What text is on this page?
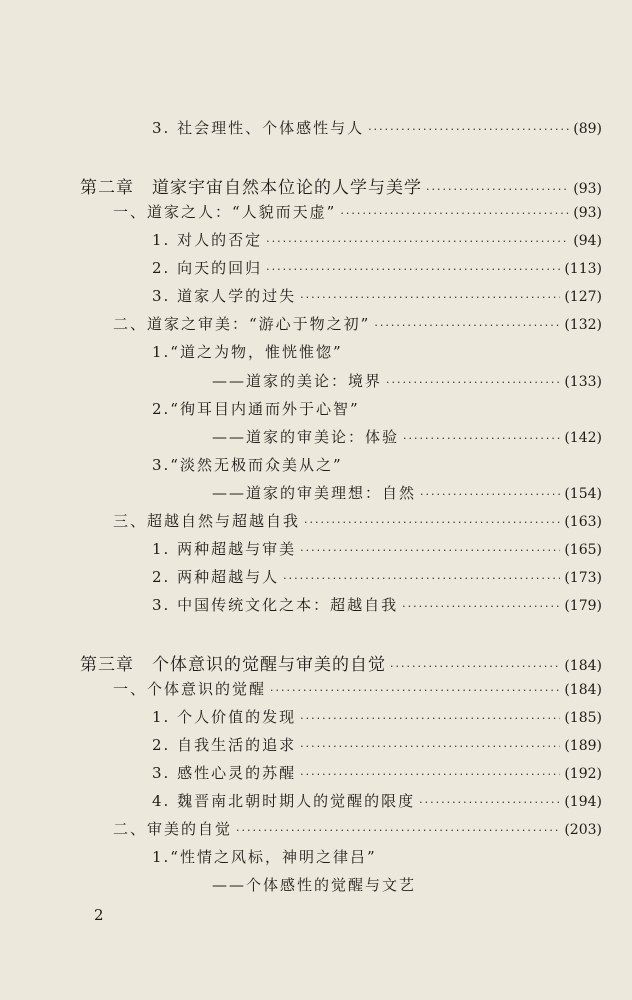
3. 社会理性、个体感性与人 ·····	(89)
第二章　道家宇宙自然本位论的人学与美学 ·····	(93)
一、道家之人：“人貌而天虚” ·····	(93)
1. 对人的否定 ·····	(94)
2. 向天的回归 ·····	(113)
3. 道家人学的过失 ·····	(127)
二、道家之审美：“游心于物之初” ·····	(132)
1.“道之为物，惟恍惟惚”
——道家的美论：境界 ·····	(133)
2.“徇耳目内通而外于心智”
——道家的审美论：体验 ·····	(142)
3.“淡然无极而众美从之”
——道家的审美理想：自然 ·····	(154)
三、超越自然与超越自我 ·····	(163)
1. 两种超越与审美 ·····	(165)
2. 两种超越与人 ·····	(173)
3. 中国传统文化之本：超越自我 ·····	(179)
第三章　个体意识的觉醒与审美的自觉 ·····	(184)
一、个体意识的觉醒 ·····	(184)
1. 个人价值的发现 ·····	(185)
2. 自我生活的追求 ·····	(189)
3. 感性心灵的苏醒 ·····	(192)
4. 魏晋南北朝时期人的觉醒的限度 ·····	(194)
二、审美的自觉 ·····	(203)
1.“性情之风标，神明之律吕”
——个体感性的觉醒与文艺
2
